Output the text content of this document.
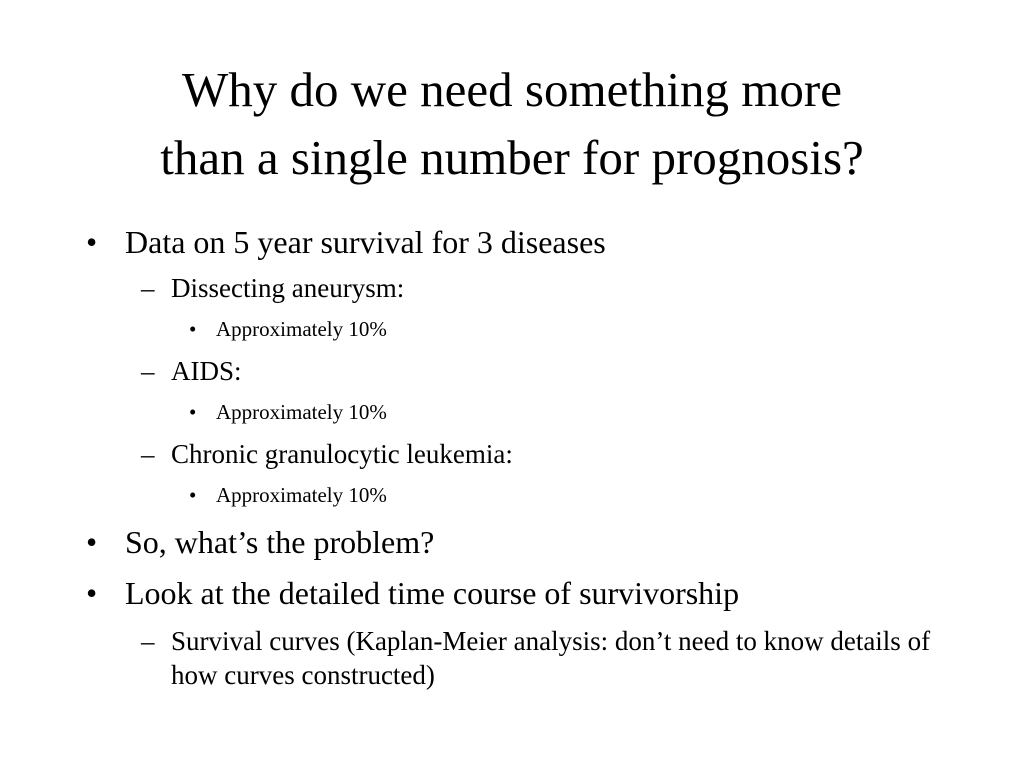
Why do we need something more
than a single number for prognosis?
• Data on 5 year survival for 3 diseases
– Dissecting aneurysm:
• Approximately 10%
– AIDS:
• Approximately 10%
– Chronic granulocytic leukemia:
• Approximately 10%
• So, what’s the problem?
• Look at the detailed time course of survivorship
– Survival curves (Kaplan-Meier analysis: don’t need to know details of how curves constructed)
